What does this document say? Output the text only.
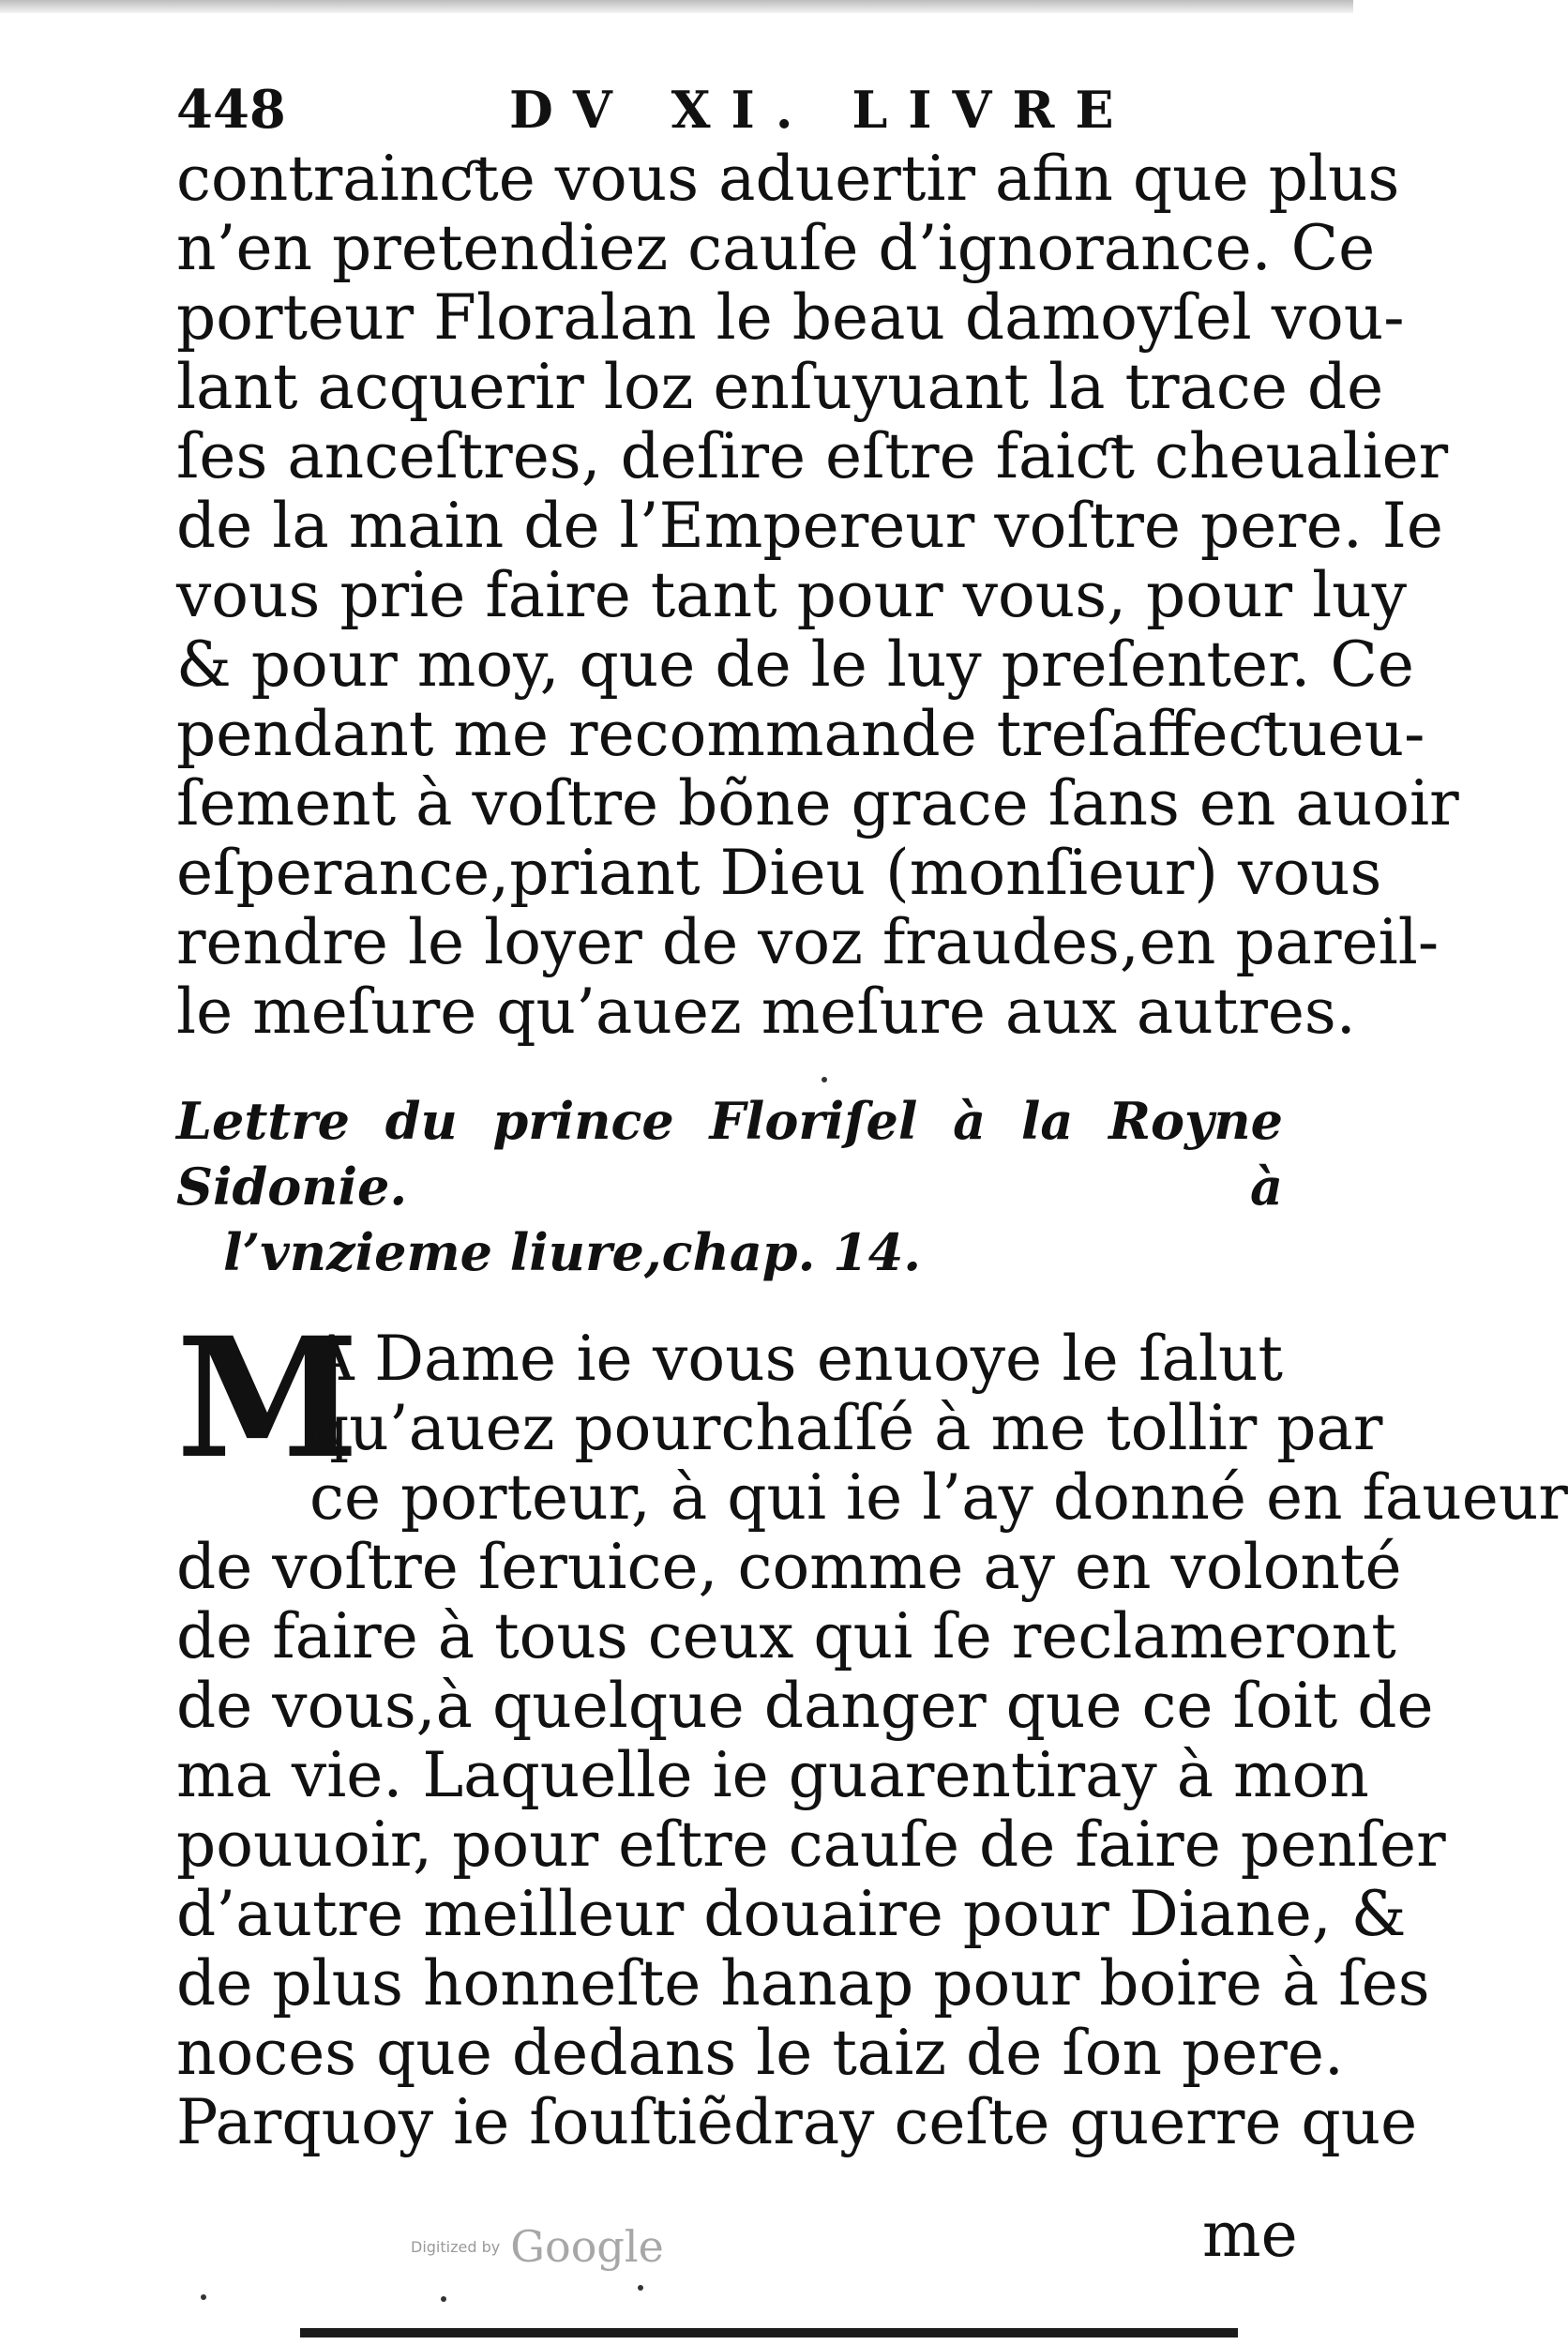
448	DV XI. LIVRE
contrainƈte vous aduertir afin que plus
n’en pretendiez cauſe d’ignorance. Ce
porteur Floralan le beau damoyſel vou-
lant acquerir loz enſuyuant la trace de
ſes anceſtres, deſire eſtre faiƈt cheualier
de la main de l’Empereur voſtre pere. Ie
vous prie faire tant pour vous, pour luy
& pour moy, que de le luy preſenter. Ce
pendant me recommande treſaffeƈtueu-
ſement à voſtre bõne grace ſans en auoir
eſperance,priant Dieu (monſieur) vous
rendre le loyer de voz fraudes,en pareil-
le meſure qu’auez meſure aux autres.
Lettre du prince Floriſel à la Royne Sidonie. à
l’vnzieme liure,chap. 14.
M
A Dame ie vous enuoye le ſalut
qu’auez pourchaſſé à me tollir par
ce porteur, à qui ie l’ay donné en faueur
de voſtre ſeruice, comme ay en volonté
de faire à tous ceux qui ſe reclameront
de vous,à quelque danger que ce ſoit de
ma vie. Laquelle ie guarentiray à mon
pouuoir, pour eſtre cauſe de faire penſer
d’autre meilleur douaire pour Diane, &
de plus honneſte hanap pour boire à ſes
noces que dedans le taiz de ſon pere.
Parquoy ie ſouſtiẽdray ceſte guerre que
me
Digitized by Google
